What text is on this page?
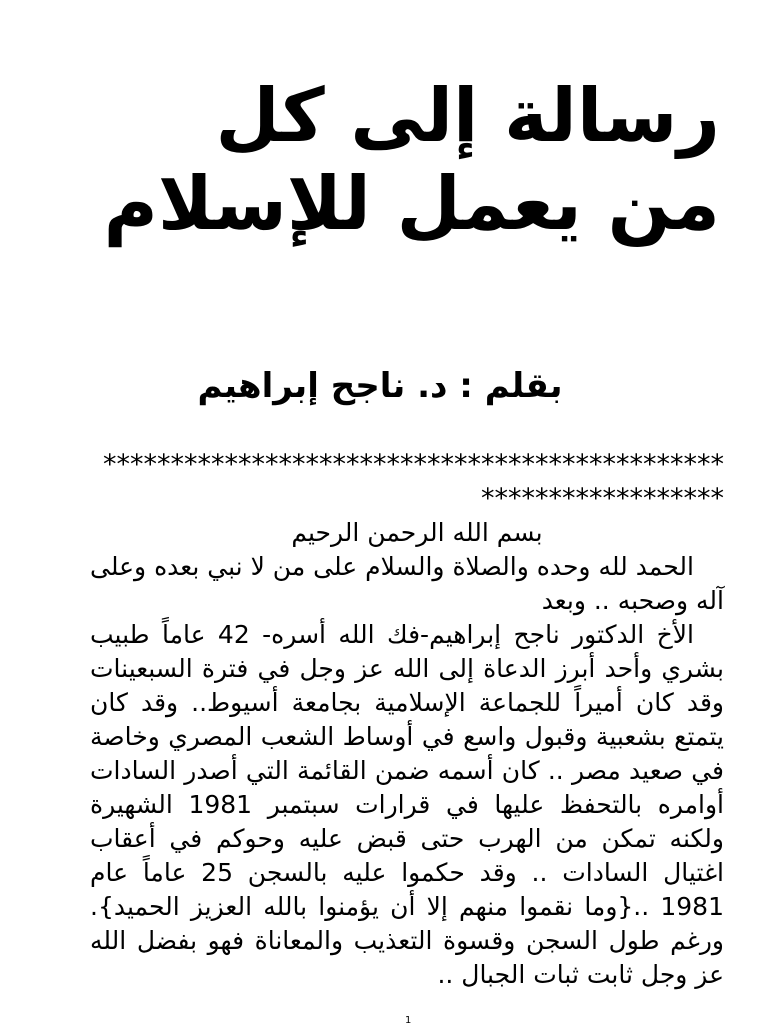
رسالة إلى كل من يعمل للإسلام
بقلم : د. ناجح إبراهيم
****************************************************************

بسم الله الرحمن الرحيم

الحمد لله وحده والصلاة والسلام على من لا نبي بعده وعلى آله وصحبه .. وبعد

الأخ الدكتور ناجح إبراهيم-فك الله أسره- 42 عاماً طبيب بشري وأحد أبرز الدعاة إلى الله عز وجل في فترة السبعينات وقد كان أميراً للجماعة الإسلامية بجامعة أسيوط.. وقد كان يتمتع بشعبية وقبول واسع في أوساط الشعب المصري وخاصة في صعيد مصر .. كان أسمه ضمن القائمة التي أصدر السادات أوامره بالتحفظ عليها في قرارات سبتمبر 1981 الشهيرة ولكنه تمكن من الهرب حتى قبض عليه وحوكم في أعقاب اغتيال السادات .. وقد حكموا عليه بالسجن 25 عاماً عام 1981 ..{وما نقموا منهم إلا أن يؤمنوا بالله العزيز الحميد}. ورغم طول السجن وقسوة التعذيب والمعاناة فهو بفضل الله عز وجل ثابت ثبات الجبال ..

1
